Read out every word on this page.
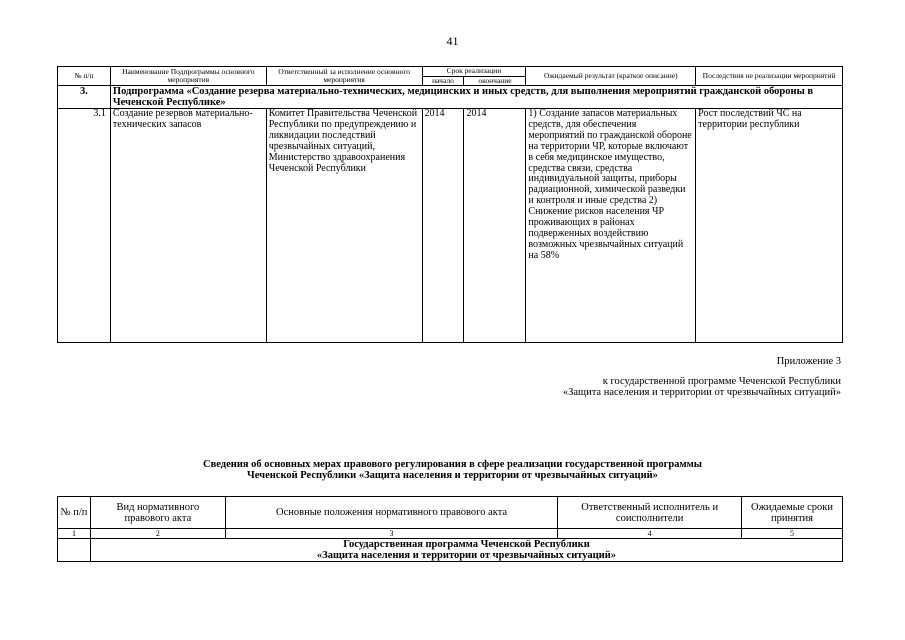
41
№ п/п	Наименование Подпрограммы основного мероприятия	Ответственный за исполнение основного мероприятия	Срок реализации		Ожидаемый результат (краткое описание)	Последствия не реализации мероприятий
			начало	окончание		
3.	Подпрограмма «Создание резерва материально-технических, медицинских и иных средств, для выполнения мероприятий гражданской обороны в Чеченской Республике»					
3.1	Создание резервов материально-технических запасов	Комитет Правительства Чеченской Республики по предупреждению и ликвидации последствий чрезвычайных ситуаций, Министерство здравоохранения Чеченской Республики	2014	2014	1) Создание запасов материальных средств, для обеспечения мероприятий по гражданской обороне на территории ЧР, которые включают в себя медицинское имущество, средства связи, средства индивидуальной защиты, приборы радиационной, химической разведки и контроля и иные средства 2) Снижение рисков населения ЧР проживающих в районах подверженных воздействию возможных чрезвычайных ситуаций на 58%	Рост последствий ЧС на территории республики
Приложение 3
к государственной программе Чеченской Республики
«Защита населения и территории от чрезвычайных ситуаций»
Сведения об основных мерах правового регулирования в сфере реализации государственной программы
Чеченской Республики «Защита населения и территории от чрезвычайных ситуаций»
№ п/п	Вид нормативного правового акта	Основные положения нормативного правового акта	Ответственный исполнитель и соисполнители	Ожидаемые сроки принятия
1	2	3	4	5

	Государственная программа Чеченской Республики
«Защита населения и территории от чрезвычайных ситуаций»			
